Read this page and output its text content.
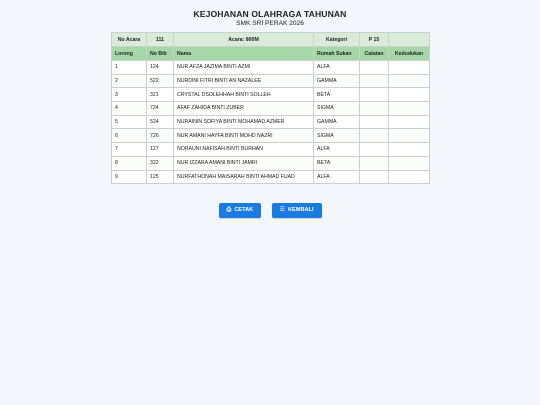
KEJOHANAN OLAHRAGA TAHUNAN
SMK SRI PERAK 2026
No Acara	111	Acara: 800M	Kategori	P 15	
Lorong	No Bib	Nama	Rumah Sukan	Catatan	Kedudukan
1	124	NUR AFZA JAZIMA BINTI AZMI	ALFA		
2	522	NURDINI FITRI BINTI AN NAZALEE	GAMMA		
3	321	CRYSTAL DSOLEHHAH BINTI SOLLEH	BETA		
4	724	AFAF ZAHIDA BINTI ZUBER	SIGMA		
5	524	NURAININ SOFIYA BINTI MOHAMAD AZMER	GAMMA		
6	726	NUR AMANI HAYFA BINTI MOHD NAZRI	SIGMA		
7	127	NORAUNI NAFISAH BINTI BURHAN	ALFA		
8	322	NUR IZZARA AMANI BINTI JAMRI	BETA		
9	125	NURFATHONAH MAISARAH BINTI AHMAD FUAD	ALFA		
⎙ CETAK	☰ KEMBALI
